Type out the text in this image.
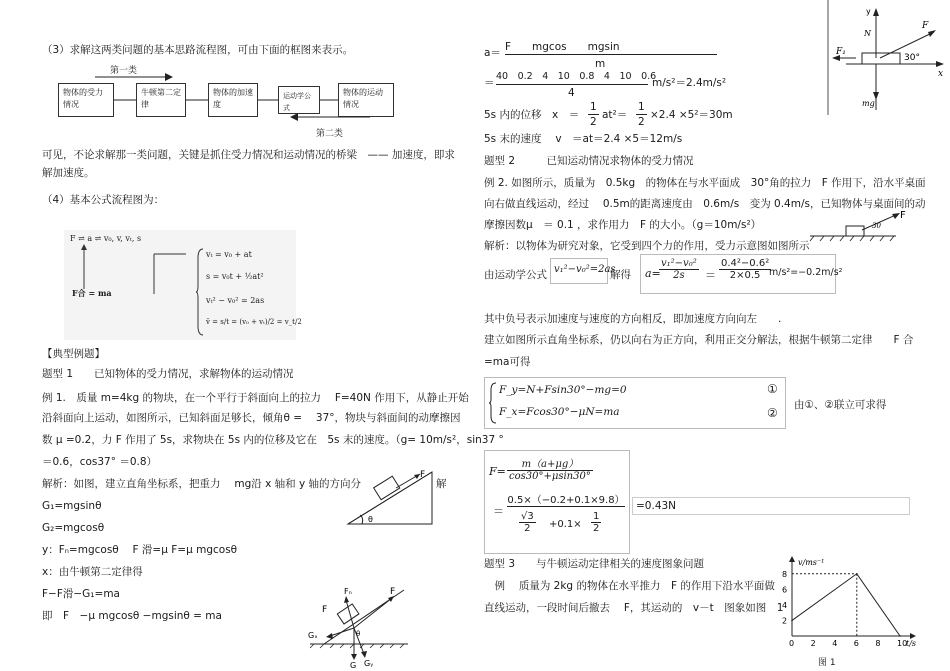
（3）求解这两类问题的基本思路流程图，可由下面的框图来表示。
第一类
物体的受力情况
牛顿第二定律
物体的加速度
运动学公式
物体的运动情况
第二类
可见，不论求解那一类问题，关键是抓住受力情况和运动情况的桥梁　—— 加速度，即求
解加速度。
（4）基本公式流程图为：
F ⇌ a ⇌ v₀, v, vₜ, s
F合 = ma
vₜ = v₀ + at
s = v₀t + ½at²
vₜ² − v₀² = 2as
v̄ = s/t = (v₀ + vₜ)/2 = v_t/2
【典型例题】
题型 1　　已知物体的受力情况，求解物体的运动情况
例 1.　质量 m=4kg 的物块，在一个平行于斜面向上的拉力　 F=40N 作用下，从静止开始
沿斜面向上运动，如图所示，已知斜面足够长，倾角θ =　 37°，物块与斜面间的动摩擦因
数 μ =0.2，力 F 作用了 5s，求物块在 5s 内的位移及它在　5s 末的速度。（g= 10m/s²，sin37 °
＝0.6，cos37° ＝0.8）
解析：如图，建立直角坐标系，把重力　 mg沿 x 轴和 y 轴的方向分	解
F
θ
G₁=mgsinθ
G₂=mgcosθ
y：Fₙ=mgcosθ　 F 滑=μ F=μ mgcosθ
x：由牛顿第二定律得
F−F滑−G₁=ma
即　F　−μ mgcosθ −mgsinθ = ma
Fₙ	F
F
Gₓ
Gᵧ
G
θ
y
N
F₁
F
30°
x
mg
a＝ F　　mgcos　　mgsin
m
＝
40　0.2　4　10　0.8　4　10　0.6
4
m/s²＝2.4m/s²
5s 内的位移　x　＝ $\frac{1}{2} at^2= \frac{1}{2} \times 2.4 \times 5^2=30m$
5s 末的速度　 v　＝at＝2.4 ×5＝12m/s
题型 2　　　已知运动情况求物体的受力情况
例 2. 如图所示，质量为　0.5kg　的物体在与水平面成　30°角的拉力　F 作用下，沿水平桌面
向右做直线运动，经过　 0.5m的距离速度由　0.6m/s　变为 0.4m/s，已知物体与桌面间的动
摩擦因数μ　＝ 0.1 ，求作用力　F 的大小。（g＝10m/s²）
F
30
解析：以物体为研究对象，它受到四个力的作用，受力示意图如图所示
由运动学公式 v₁²−v₀²=2as
解得 a=
$\frac{\text{v₁²−v₀²}}{2s} = \frac{\text{0.4²−0.6²}}{2\times 0.5}$
m/s²=−0.2m/s²
其中负号表示加速度与速度的方向相反，即加速度方向向左　　.
建立如图所示直角坐标系，仍以向右为正方向，利用正交分解法，根据牛顿第二定律　　F 合
=ma可得
F_y=N+Fsin30°−mg=0
F_x=Fcos30°−μN=ma
①
②
由①、②联立可求得
$F= \frac{m(a+\mu g)}{\cos 30^\circ+\mu\sin 30^\circ}$
＝
0.5×（−0.2+0.1×9.8）
$\frac{√3}{2} +0.1\times \frac{1}{2}$
=0.43N
题型 3　　与牛顿运动定律相关的速度图象问题
　例　 质量为 2kg 的物体在水平推力　F 的作用下沿水平面做
直线运动，一段时间后撤去　 F，其运动的　v－t　图象如图　1
v/ms⁻¹
t/s
0 2 4 6 8 10
2
4
6
8
图 1
